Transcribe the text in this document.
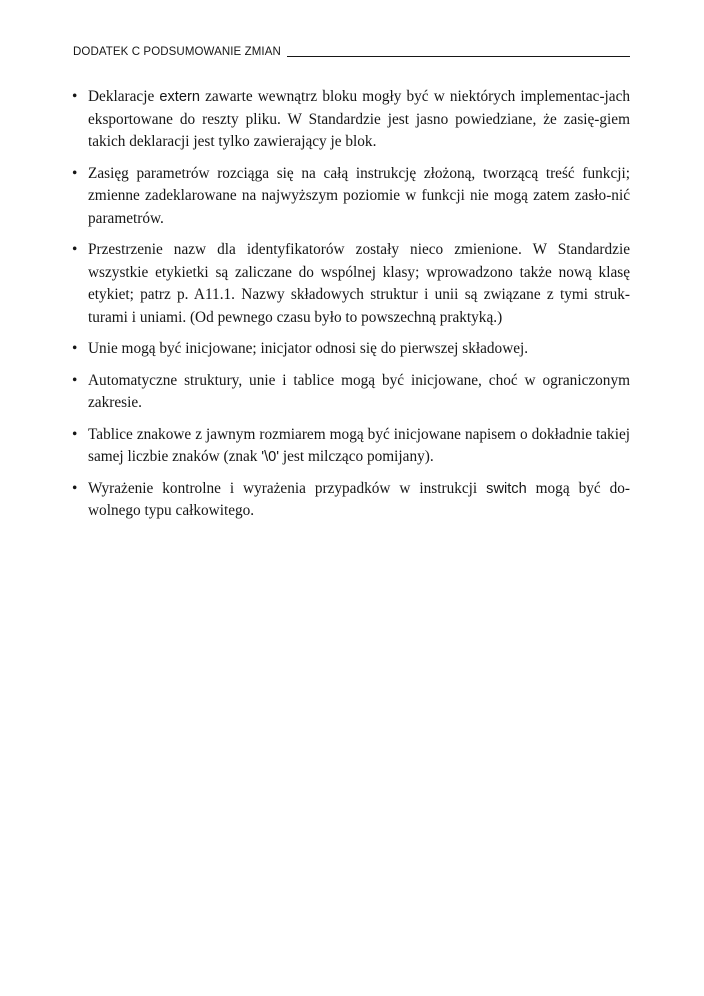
DODATEK C PODSUMOWANIE ZMIAN
• Deklaracje extern zawarte wewnątrz bloku mogły być w niektórych implementac-jach eksportowane do reszty pliku. W Standardzie jest jasno powiedziane, że zasię-giem takich deklaracji jest tylko zawierający je blok.
• Zasięg parametrów rozciąga się na całą instrukcję złożoną, tworzącą treść funkcji; zmienne zadeklarowane na najwyższym poziomie w funkcji nie mogą zatem zasło-nić parametrów.
• Przestrzenie nazw dla identyfikatorów zostały nieco zmienione. W Standardzie wszystkie etykietki są zaliczane do wspólnej klasy; wprowadzono także nową klasę etykiet; patrz p. A11.1. Nazwy składowych struktur i unii są związane z tymi struk-turami i uniami. (Od pewnego czasu było to powszechną praktyką.)
• Unie mogą być inicjowane; inicjator odnosi się do pierwszej składowej.
• Automatyczne struktury, unie i tablice mogą być inicjowane, choć w ograniczonym zakresie.
• Tablice znakowe z jawnym rozmiarem mogą być inicjowane napisem o dokładnie takiej samej liczbie znaków (znak '\0' jest milcząco pomijany).
• Wyrażenie kontrolne i wyrażenia przypadków w instrukcji switch mogą być do-wolnego typu całkowitego.
